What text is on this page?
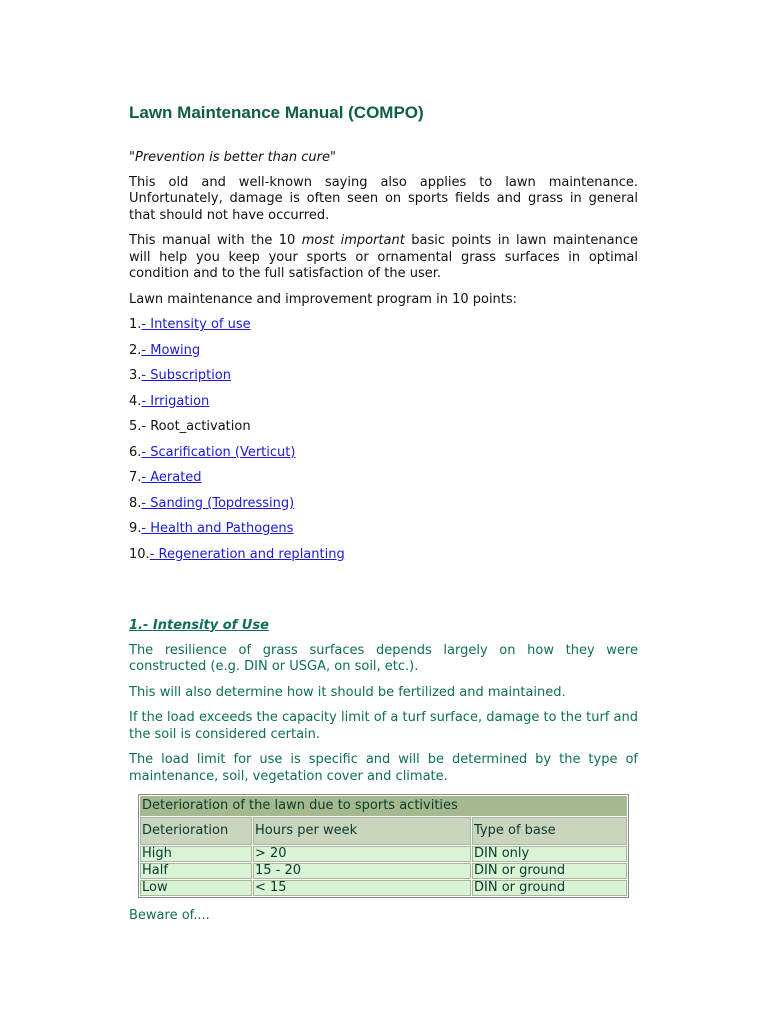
Lawn Maintenance Manual (COMPO)

"Prevention is better than cure"

This old and well-known saying also applies to lawn maintenance. Unfortunately, damage is often seen on sports fields and grass in general that should not have occurred.

This manual with the 10 most important basic points in lawn maintenance will help you keep your sports or ornamental grass surfaces in optimal condition and to the full satisfaction of the user.

Lawn maintenance and improvement program in 10 points:

1.- Intensity of use
2.- Mowing
3.- Subscription
4.- Irrigation
5.- Root_activation
6.- Scarification (Verticut)
7.- Aerated
8.- Sanding (Topdressing)
9.- Health and Pathogens
10.- Regeneration and replanting

1.- Intensity of Use

The resilience of grass surfaces depends largely on how they were constructed (e.g. DIN or USGA, on soil, etc.).

This will also determine how it should be fertilized and maintained.

If the load exceeds the capacity limit of a turf surface, damage to the turf and the soil is considered certain.

The load limit for use is specific and will be determined by the type of maintenance, soil, vegetation cover and climate.

Deterioration of the lawn due to sports activities		
Deterioration	Hours per week	Type of base
High	> 20	DIN only
Half	15 - 20	DIN or ground
Low	< 15	DIN or ground

Beware of....
